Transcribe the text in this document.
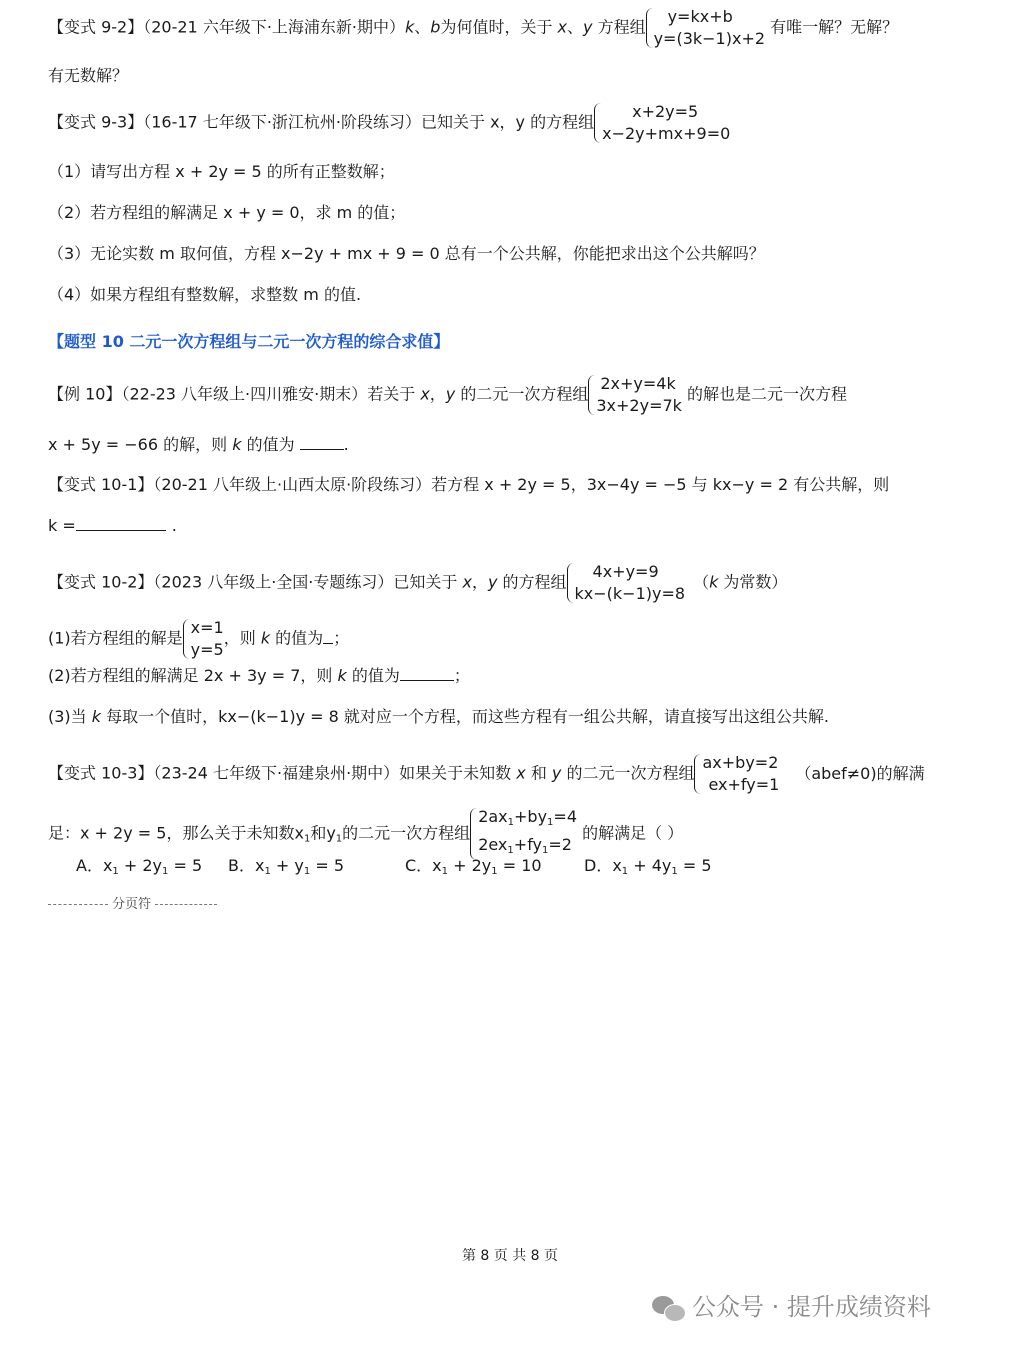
【变式 9-2】（20-21 六年级下·上海浦东新·期中）k、b为何值时，关于 x、y 方程组
y=kx+b
y=(3k−1)x+2
有唯一解？无解？
有无数解？
【变式 9-3】（16-17 七年级下·浙江杭州·阶段练习）已知关于 x，y 的方程组
x+2y=5
x−2y+mx+9=0
（1）请写出方程 x + 2y = 5 的所有正整数解；
（2）若方程组的解满足 x + y = 0，求 m 的值；
（3）无论实数 m 取何值，方程 x−2y + mx + 9 = 0 总有一个公共解，你能把求出这个公共解吗？
（4）如果方程组有整数解，求整数 m 的值.
【题型 10 二元一次方程组与二元一次方程的综合求值】
【例 10】（22-23 八年级上·四川雅安·期末）若关于 x，y 的二元一次方程组
2x+y=4k
3x+2y=7k
的解也是二元一次方程
x + 5y = −66 的解，则 k 的值为	.
【变式 10-1】（20-21 八年级上·山西太原·阶段练习）若方程 x + 2y = 5，3x−4y = −5 与 kx−y = 2 有公共解，则
k =	.
【变式 10-2】（2023 八年级上·全国·专题练习）已知关于 x，y 的方程组
4x+y=9
kx−(k−1)y=8
（k 为常数）
(1)若方程组的解是
x=1
y=5
，则 k 的值为 ；
(2)若方程组的解满足 2x + 3y = 7，则 k 的值为	；
(3)当 k 每取一个值时，kx−(k−1)y = 8 就对应一个方程，而这些方程有一组公共解，请直接写出这组公共解.
【变式 10-3】（23-24 七年级下·福建泉州·期中）如果关于未知数 x 和 y 的二元一次方程组
ax+by=2
ex+fy=1
（abef≠0)的解满
足：x + 2y = 5，那么关于未知数$x_1$和$y_1$的二元一次方程组
$2ax_1+by_1=4$
$2ex_1+fy_1=2$
的解满足（ ）
A．$x_1 + 2y_1 = 5$ B．$x_1 + y_1 = 5$	C．$x_1 + 2y_1 = 10$	D．$x_1 + 4y_1 = 5$
分页符
第 8 页 共 8 页
公众号 · 提升成绩资料
